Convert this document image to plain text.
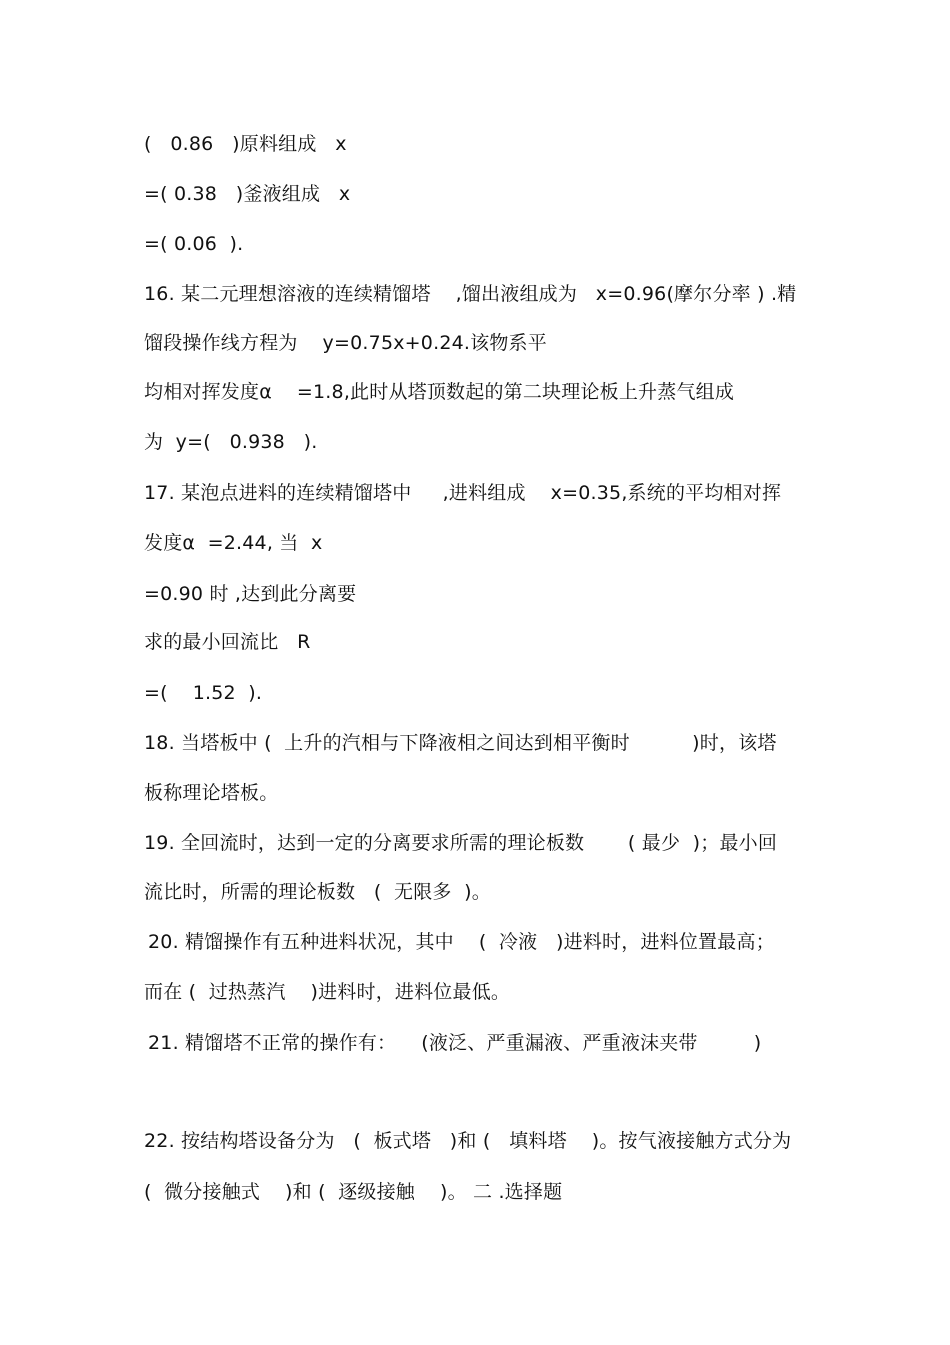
(   0.86   )原料组成   x
=( 0.38   )釜液组成   x
=( 0.06  ).
16. 某二元理想溶液的连续精馏塔    ,馏出液组成为   x=0.96(摩尔分率 ) .精
馏段操作线方程为    y=0.75x+0.24.该物系平
均相对挥发度α    =1.8,此时从塔顶数起的第二块理论板上升蒸气组成
为  y=(   0.938   ).
17. 某泡点进料的连续精馏塔中     ,进料组成    x=0.35,系统的平均相对挥
发度α  =2.44, 当  x
=0.90 时 ,达到此分离要
求的最小回流比   R
=(    1.52  ).
18. 当塔板中 (  上升的汽相与下降液相之间达到相平衡时          )时，该塔
板称理论塔板。
19. 全回流时，达到一定的分离要求所需的理论板数       ( 最少  )；最小回
流比时，所需的理论板数   (  无限多  )。
20. 精馏操作有五种进料状况，其中    (  冷液   )进料时，进料位置最高；
而在 (  过热蒸汽    )进料时，进料位最低。
21. 精馏塔不正常的操作有：    (液泛、严重漏液、严重液沫夹带         )
22. 按结构塔设备分为   (  板式塔   )和 (   填料塔    )。按气液接触方式分为
(  微分接触式    )和 (  逐级接触    )。 二 .选择题
